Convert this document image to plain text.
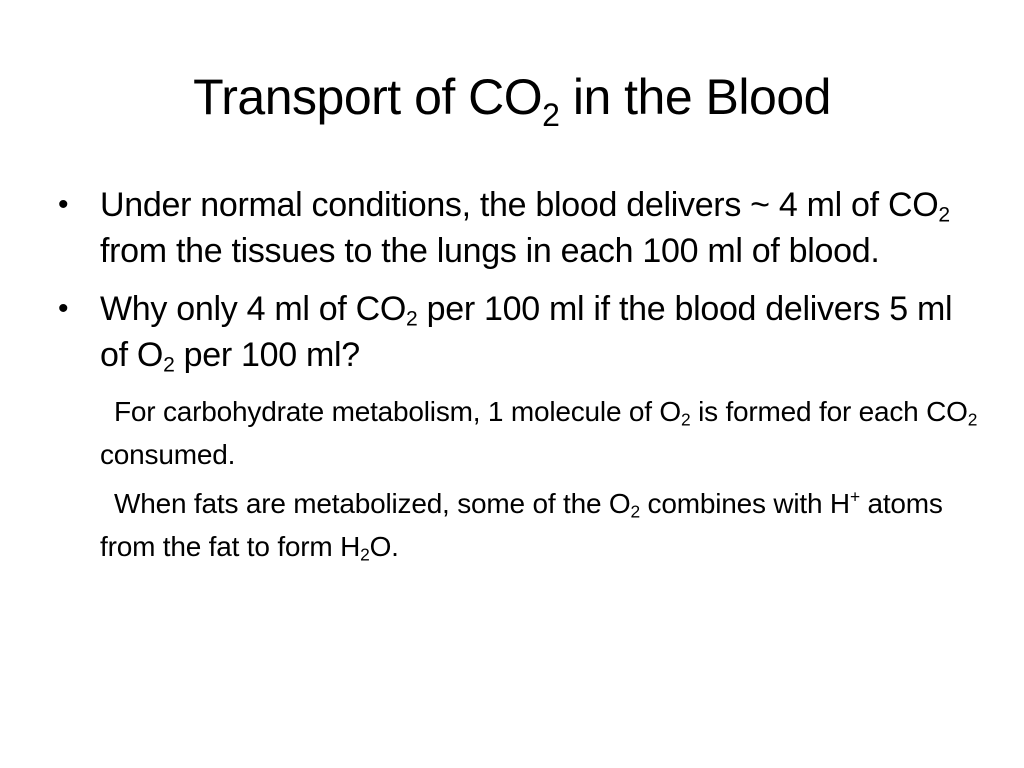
Transport of $CO_2$ in the Blood
• Under normal conditions, the blood delivers ~ 4 ml of $CO_2$ from the tissues to the lungs in each 100 ml of blood.
• Why only 4 ml of $CO_2$ per 100 ml if the blood delivers 5 ml of $O_2$ per 100 ml?
For carbohydrate metabolism, 1 molecule of $O_2$ is formed for each $CO_2$ consumed.
When fats are metabolized, some of the $O_2$ combines with H+ atoms from the fat to form $H_2O$.
